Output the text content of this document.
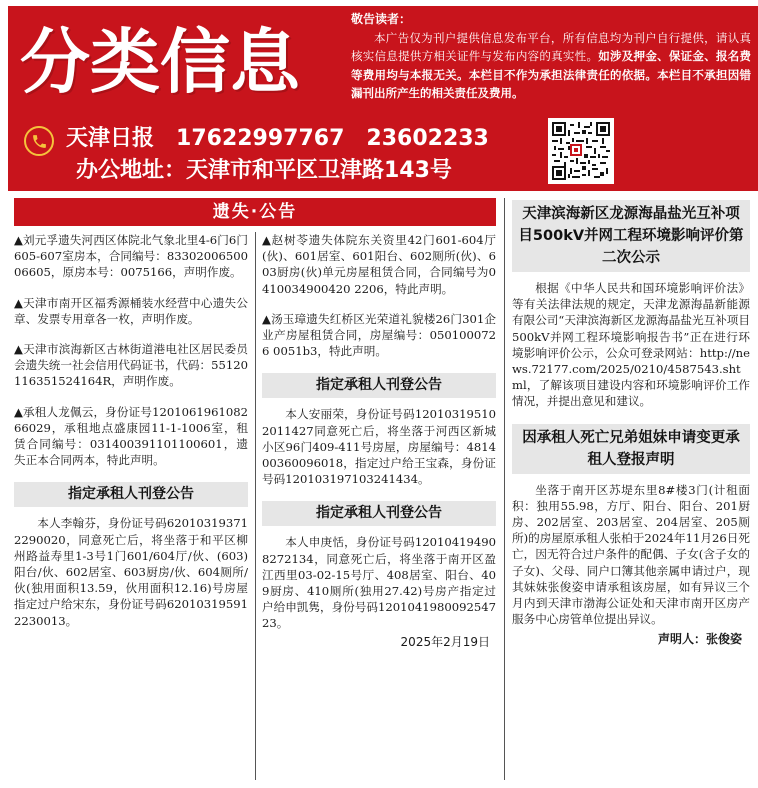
分类信息
敬告读者：
本广告仅为刊户提供信息发布平台，所有信息均为刊户自行提供，请认真核实信息提供方相关证件与发布内容的真实性。如涉及押金、保证金、报名费等费用均与本报无关。本栏目不作为承担法律责任的依据。本栏目不承担因错漏刊出所产生的相关责任及费用。
天津日报 17622997767 23602233
办公地址：天津市和平区卫津路143号
遗失·公告

▲刘元孚遗失河西区体院北气象北里4-6门6门605-607室房本，合同编号：8330200650006605，原房本号：0075166，声明作废。

▲天津市南开区福秀源桶装水经营中心遗失公章、发票专用章各一枚，声明作废。

▲天津市滨海新区古林街道港电社区居民委员会遗失统一社会信用代码证书，代码：55120116351524164R，声明作废。

▲承租人龙佩云，身份证号120106196108266029，承租地点盛康园11-1-1006室，租赁合同编号：031400391101100601，遗失正本合同两本，特此声明。

指定承租人刊登公告

本人李翰芬，身份证号码620103193712290020，同意死亡后，将坐落于和平区柳州路益寿里1-3号1门601/604厅/伙、(603)阳台/伙、602居室、603厨房/伙、604厕所/伙(独用面积13.59，伙用面积12.16)号房屋指定过户给宋东，身份证号码620103195912230013。

▲赵树苓遗失体院东关资里42门601-604厅(伙)、601居室、601阳台、602厕所(伙)、603厨房(伙)单元房屋租赁合同，合同编号为0410034900420 2206，特此声明。

▲汤玉璋遗失红桥区光荣道礼貌楼26门301企业产房屋租赁合同，房屋编号：0501000726 0051b3，特此声明。

指定承租人刊登公告

本人安丽荣，身份证号码120103195102011427同意死亡后，将坐落于河西区新城小区96门409-411号房屋，房屋编号：481400360096018，指定过户给王宝森，身份证号码120103197103241434。

指定承租人刊登公告

本人申庚恬，身份证号码120104194908272134，同意死亡后，将坐落于南开区盈江西里03-02-15号厅、408居室、阳台、409厨房、410厕所(独用27.42)号房产指定过户给申凯隽，身份号码120104198009254723。

2025年2月19日
天津滨海新区龙源海晶盐光互补项目500kV并网工程环境影响评价第二次公示

根据《中华人民共和国环境影响评价法》等有关法律法规的规定，天津龙源海晶新能源有限公司“天津滨海新区龙源海晶盐光互补项目500kV并网工程环境影响报告书”正在进行环境影响评价公示，公众可登录网站：http://news.72177.com/2025/0210/4587543.shtml，了解该项目建设内容和环境影响评价工作情况，并提出意见和建议。

因承租人死亡兄弟姐妹申请变更承租人登报声明

坐落于南开区苏堤东里8#楼3门(计租面积：独用55.98，方厅、阳台、阳台、201厨房、202居室、203居室、204居室、205厕所)的房屋原承租人张柏于2024年11月26日死亡，因无符合过户条件的配偶、子女(含子女的子女)、父母、同户口簿其他亲属申请过户，现其妹妹张俊姿申请承租该房屋，如有异议三个月内到天津市渤海公证处和天津市南开区房产服务中心房管单位提出异议。

声明人：张俊姿
